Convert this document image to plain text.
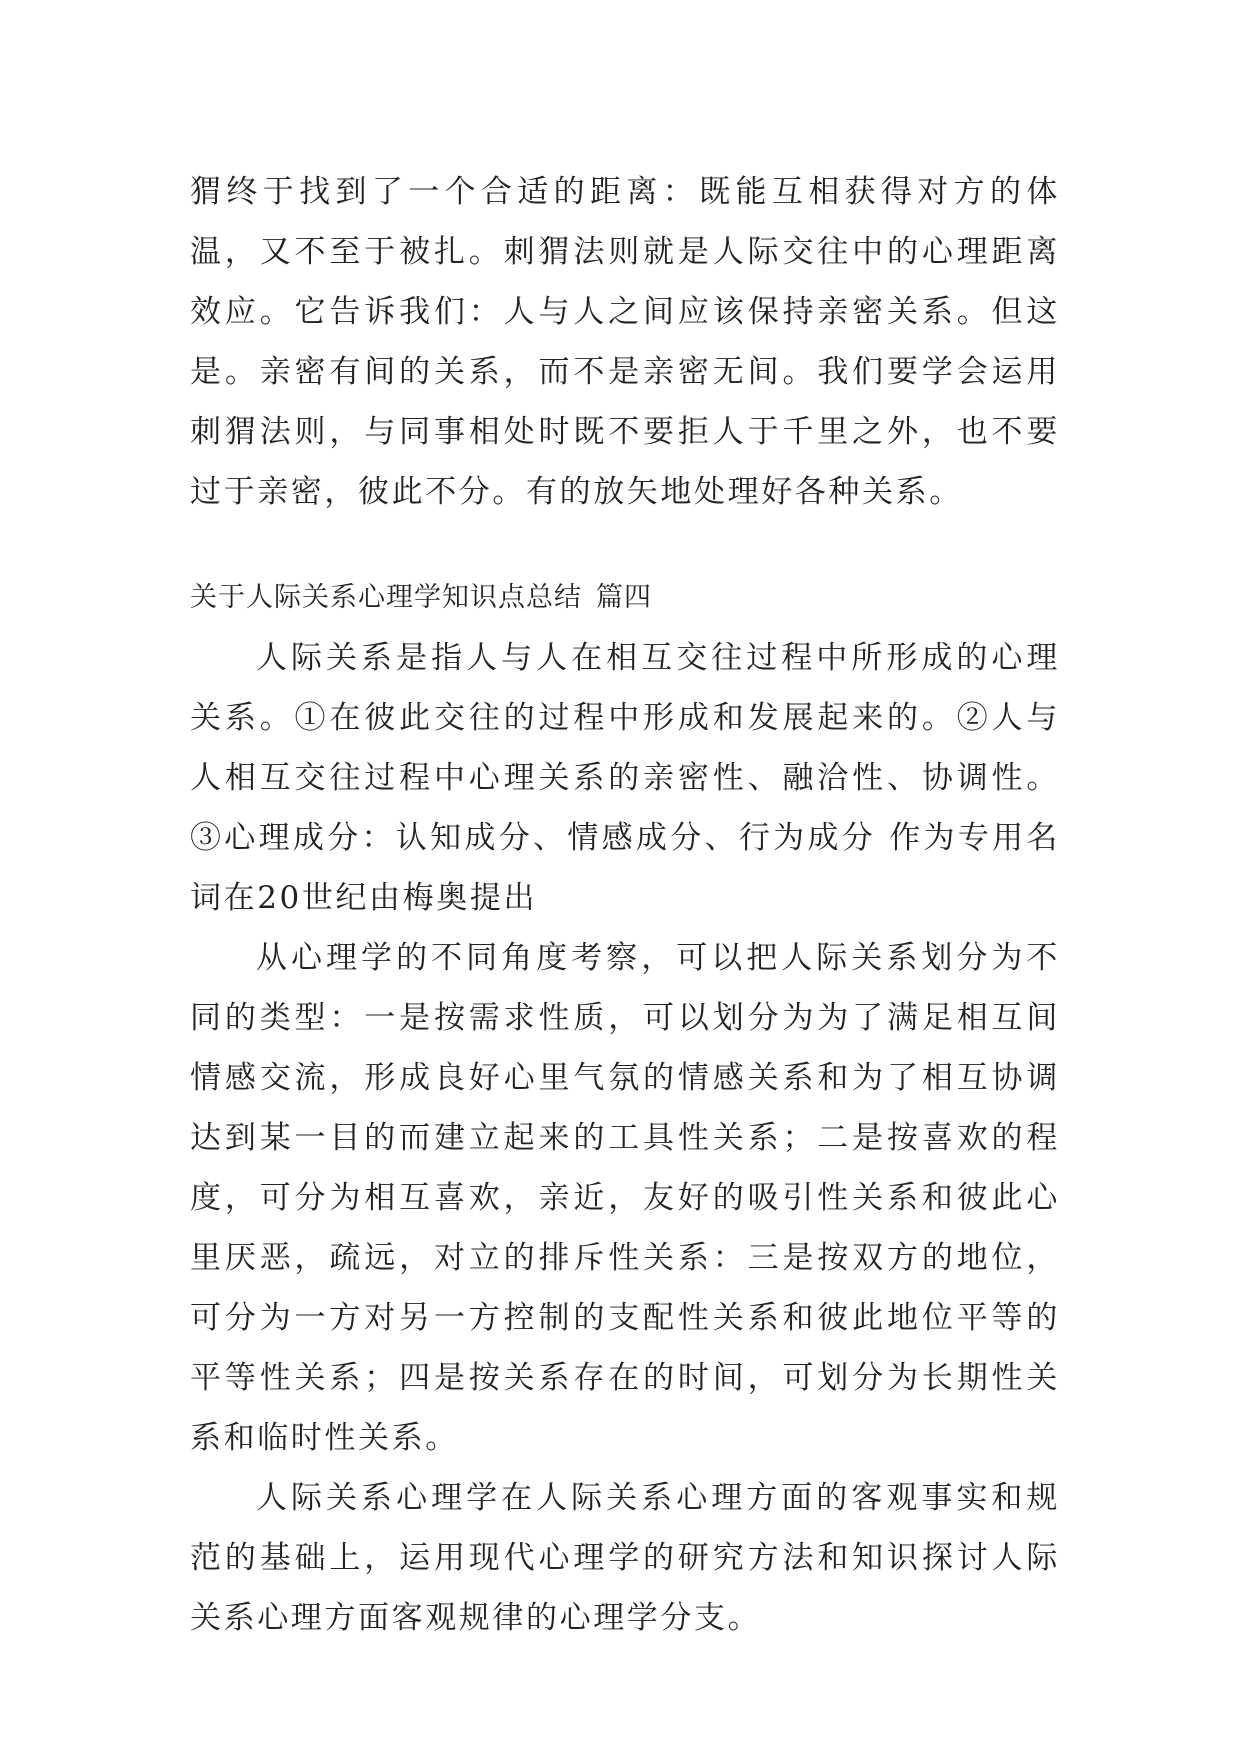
猬终于找到了一个合适的距离：既能互相获得对方的体温，又不至于被扎。刺猬法则就是人际交往中的心理距离效应。它告诉我们：人与人之间应该保持亲密关系。但这是。亲密有间的关系，而不是亲密无间。我们要学会运用刺猬法则，与同事相处时既不要拒人于千里之外，也不要过于亲密，彼此不分。有的放矢地处理好各种关系。

关于人际关系心理学知识点总结 篇四

人际关系是指人与人在相互交往过程中所形成的心理关系。①在彼此交往的过程中形成和发展起来的。②人与人相互交往过程中心理关系的亲密性、融洽性、协调性。③心理成分：认知成分、情感成分、行为成分 作为专用名词在20世纪由梅奥提出

从心理学的不同角度考察，可以把人际关系划分为不同的类型：一是按需求性质，可以划分为为了满足相互间情感交流，形成良好心里气氛的情感关系和为了相互协调达到某一目的而建立起来的工具性关系；二是按喜欢的程度，可分为相互喜欢，亲近，友好的吸引性关系和彼此心里厌恶，疏远，对立的排斥性关系：三是按双方的地位，可分为一方对另一方控制的支配性关系和彼此地位平等的平等性关系；四是按关系存在的时间，可划分为长期性关系和临时性关系。

人际关系心理学在人际关系心理方面的客观事实和规范的基础上，运用现代心理学的研究方法和知识探讨人际关系心理方面客观规律的心理学分支。
